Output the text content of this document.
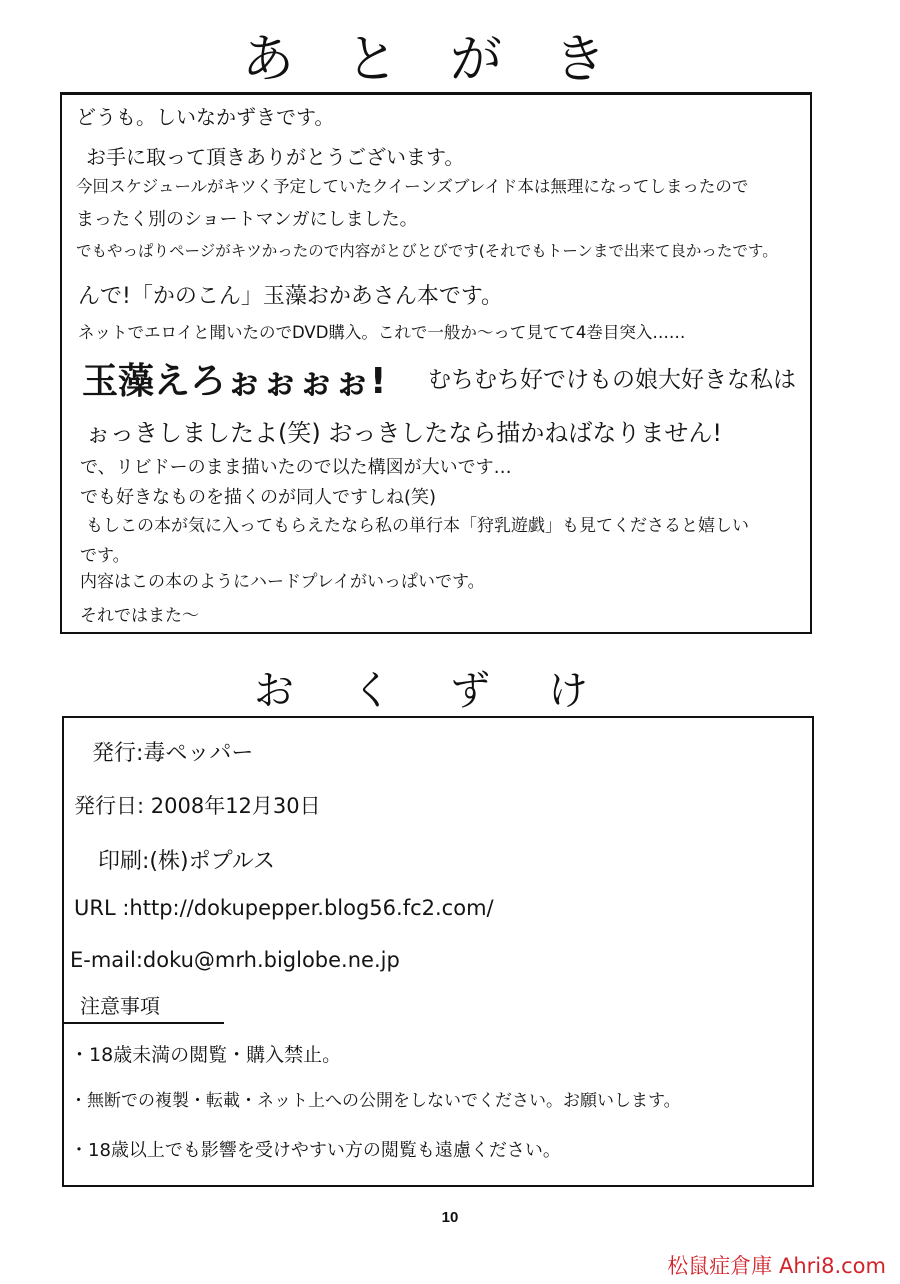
あとがき
どうも。しいなかずきです。
お手に取って頂きありがとうございます。
今回スケジュールがキツく予定していたクイーンズブレイド本は無理になってしまったので
まったく別のショートマンガにしました。
でもやっぱりページがキツかったので内容がとびとびです(それでもトーンまで出来て良かったです。
んで!「かのこん」玉藻おかあさん本です。
ネットでエロイと聞いたのでDVD購入。これで一般か〜って見てて4巻目突入……
玉藻えろぉぉぉぉ! むちむち好でけもの娘大好きな私は
ぉっきしましたよ(笑) おっきしたなら描かねばなりません!
で、リビドーのまま描いたので以た構図が大いです…
でも好きなものを描くのが同人ですしね(笑)
もしこの本が気に入ってもらえたなら私の単行本「狩乳遊戯」も見てくださると嬉しい
です。
内容はこの本のようにハードプレイがいっぱいです。
それではまた〜
おくずけ
発行:毒ペッパー
発行日: 2008年12月30日
印刷:(株)ポプルス
URL :http://dokupepper.blog56.fc2.com/
E-mail:doku@mrh.biglobe.ne.jp
注意事項
・18歳未満の閲覧・購入禁止。
・無断での複製・転載・ネット上への公開をしないでください。お願いします。
・18歳以上でも影響を受けやすい方の閲覧も遠慮ください。
10
松鼠症倉庫 Ahri8.com
